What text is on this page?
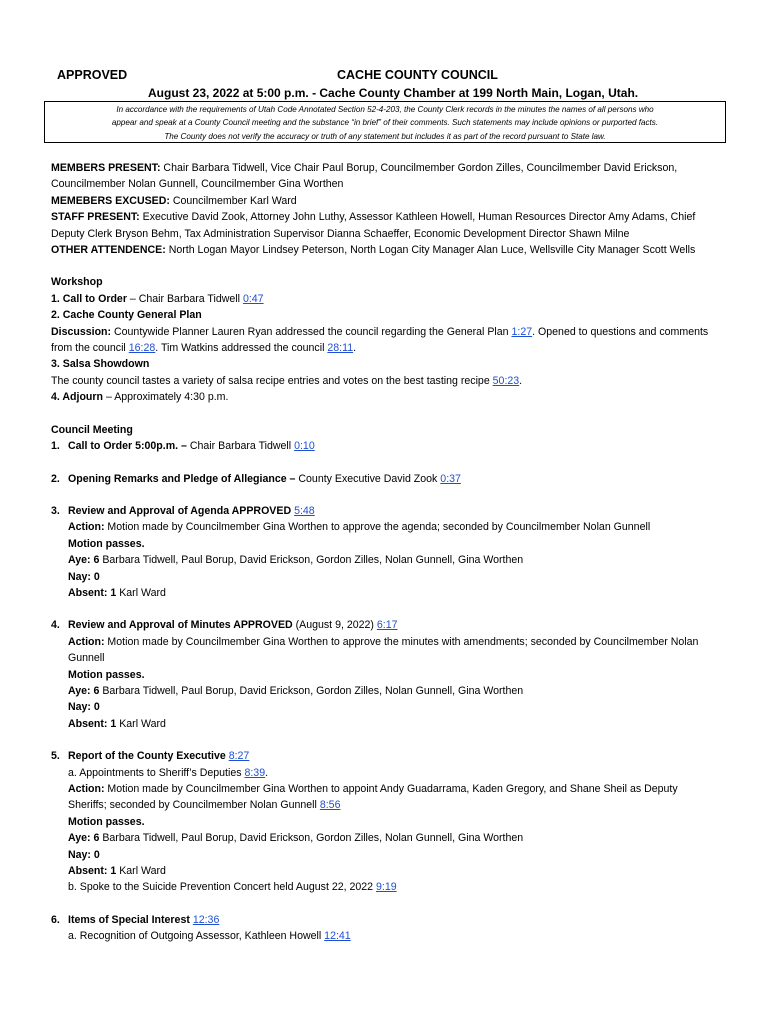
APPROVED	CACHE COUNTY COUNCIL
August 23, 2022 at 5:00 p.m. - Cache County Chamber at 199 North Main, Logan, Utah.
In accordance with the requirements of Utah Code Annotated Section 52-4-203, the County Clerk records in the minutes the names of all persons who
appear and speak at a County Council meeting and the substance “in brief” of their comments. Such statements may include opinions or purported facts.
The County does not verify the accuracy or truth of any statement but includes it as part of the record pursuant to State law.

MEMBERS PRESENT: Chair Barbara Tidwell, Vice Chair Paul Borup, Councilmember Gordon Zilles, Councilmember David Erickson, Councilmember Nolan Gunnell, Councilmember Gina Worthen

MEMEBERS EXCUSED: Councilmember Karl Ward

STAFF PRESENT: Executive David Zook, Attorney John Luthy, Assessor Kathleen Howell, Human Resources Director Amy Adams, Chief Deputy Clerk Bryson Behm, Tax Administration Supervisor Dianna Schaeffer, Economic Development Director Shawn Milne

OTHER ATTENDENCE: North Logan Mayor Lindsey Peterson, North Logan City Manager Alan Luce, Wellsville City Manager Scott Wells

Workshop

1. Call to Order – Chair Barbara Tidwell 0:47

2. Cache County General Plan

Discussion: Countywide Planner Lauren Ryan addressed the council regarding the General Plan 1:27. Opened to questions and comments from the council 16:28. Tim Watkins addressed the council 28:11.

3. Salsa Showdown

The county council tastes a variety of salsa recipe entries and votes on the best tasting recipe 50:23.

4. Adjourn – Approximately 4:30 p.m.

Council Meeting

1. Call to Order 5:00p.m. – Chair Barbara Tidwell 0:10

2. Opening Remarks and Pledge of Allegiance – County Executive David Zook 0:37

3. Review and Approval of Agenda APPROVED 5:48

Action: Motion made by Councilmember Gina Worthen to approve the agenda; seconded by Councilmember Nolan Gunnell

Motion passes.

Aye: 6 Barbara Tidwell, Paul Borup, David Erickson, Gordon Zilles, Nolan Gunnell, Gina Worthen

Nay: 0

Absent: 1 Karl Ward

4. Review and Approval of Minutes APPROVED (August 9, 2022) 6:17

Action: Motion made by Councilmember Gina Worthen to approve the minutes with amendments; seconded by Councilmember Nolan Gunnell

Motion passes.

Aye: 6 Barbara Tidwell, Paul Borup, David Erickson, Gordon Zilles, Nolan Gunnell, Gina Worthen

Nay: 0

Absent: 1 Karl Ward

5. Report of the County Executive 8:27

a. Appointments to Sheriff’s Deputies 8:39.

Action: Motion made by Councilmember Gina Worthen to appoint Andy Guadarrama, Kaden Gregory, and Shane Sheil as Deputy Sheriffs; seconded by Councilmember Nolan Gunnell 8:56

Motion passes.

Aye: 6 Barbara Tidwell, Paul Borup, David Erickson, Gordon Zilles, Nolan Gunnell, Gina Worthen

Nay: 0

Absent: 1 Karl Ward

b. Spoke to the Suicide Prevention Concert held August 22, 2022 9:19

6. Items of Special Interest 12:36

a. Recognition of Outgoing Assessor, Kathleen Howell 12:41
